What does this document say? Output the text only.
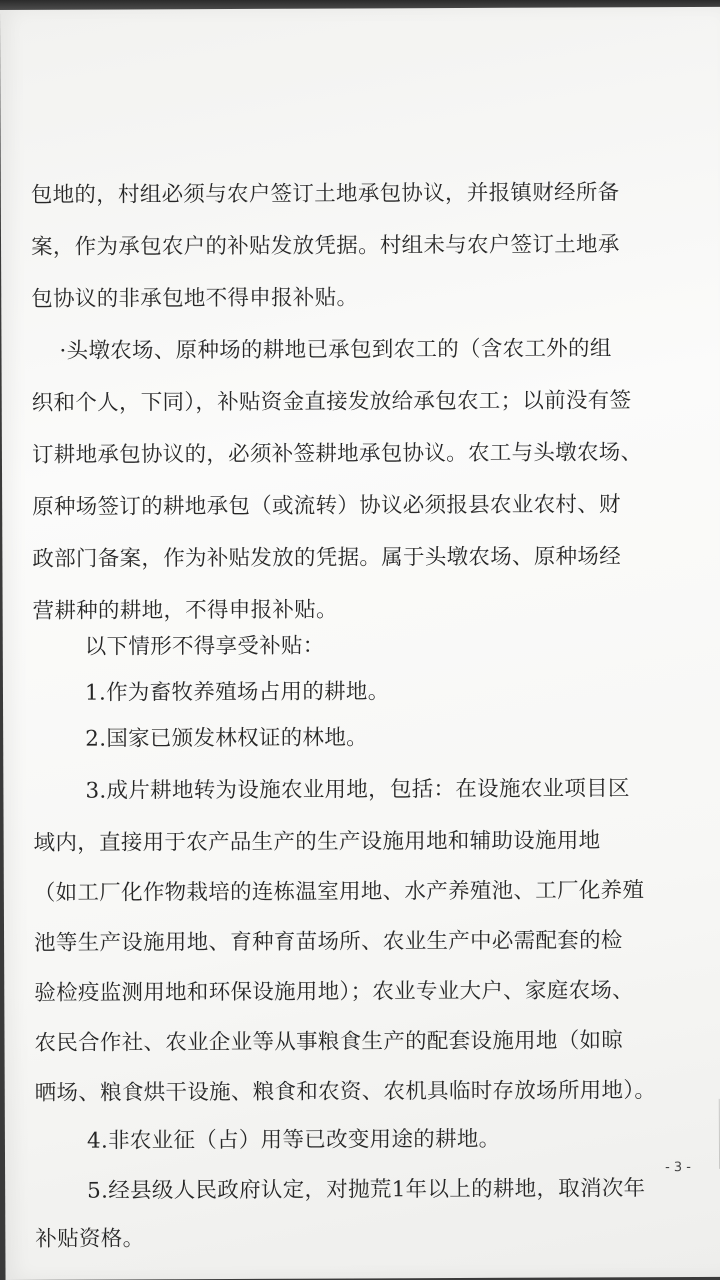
包地的，村组必须与农户签订土地承包协议，并报镇财经所备
案，作为承包农户的补贴发放凭据。村组未与农户签订土地承
包协议的非承包地不得申报补贴。
·头墩农场、原种场的耕地已承包到农工的（含农工外的组
织和个人，下同），补贴资金直接发放给承包农工；以前没有签
订耕地承包协议的，必须补签耕地承包协议。农工与头墩农场、
原种场签订的耕地承包（或流转）协议必须报县农业农村、财
政部门备案，作为补贴发放的凭据。属于头墩农场、原种场经
营耕种的耕地，不得申报补贴。
以下情形不得享受补贴：
1.作为畜牧养殖场占用的耕地。
2.国家已颁发林权证的林地。
3.成片耕地转为设施农业用地，包括：在设施农业项目区
域内，直接用于农产品生产的生产设施用地和辅助设施用地
（如工厂化作物栽培的连栋温室用地、水产养殖池、工厂化养殖
池等生产设施用地、育种育苗场所、农业生产中必需配套的检
验检疫监测用地和环保设施用地）；农业专业大户、家庭农场、
农民合作社、农业企业等从事粮食生产的配套设施用地（如晾
晒场、粮食烘干设施、粮食和农资、农机具临时存放场所用地）。
4.非农业征（占）用等已改变用途的耕地。
5.经县级人民政府认定，对抛荒1年以上的耕地，取消次年
补贴资格。
- 3 -
